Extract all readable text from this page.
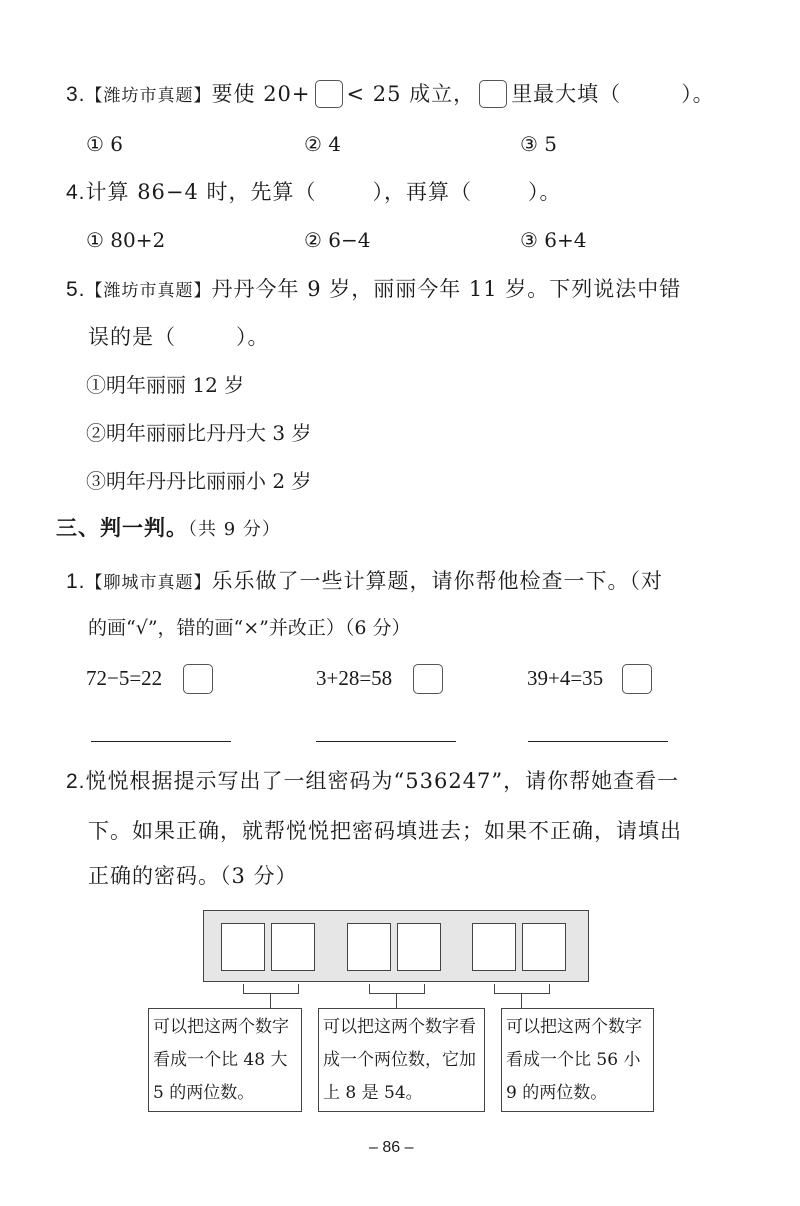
3.【潍坊市真题】要使 20+ < 25 成立， 里最大填（	）。
① 6	② 4	③ 5
4.计算 86−4 时，先算（	），再算（	）。
① 80+2	② 6−4	③ 6+4
5.【潍坊市真题】丹丹今年 9 岁，丽丽今年 11 岁。下列说法中错
误的是（	）。
①明年丽丽 12 岁
②明年丽丽比丹丹大 3 岁
③明年丹丹比丽丽小 2 岁
三、判一判。（共 9 分）
1.【聊城市真题】乐乐做了一些计算题，请你帮他检查一下。（对
的画“√”，错的画“×”并改正）（6 分）
72−5=22	3+28=58	39+4=35
2.悦悦根据提示写出了一组密码为“536247”，请你帮她查看一
下。如果正确，就帮悦悦把密码填进去；如果不正确，请填出
正确的密码。（3 分）
可以把这两个数字看成一个比 48 大 5 的两位数。
可以把这两个数字看成一个两位数，它加上 8 是 54。
可以把这两个数字看成一个比 56 小 9 的两位数。
– 86 –
